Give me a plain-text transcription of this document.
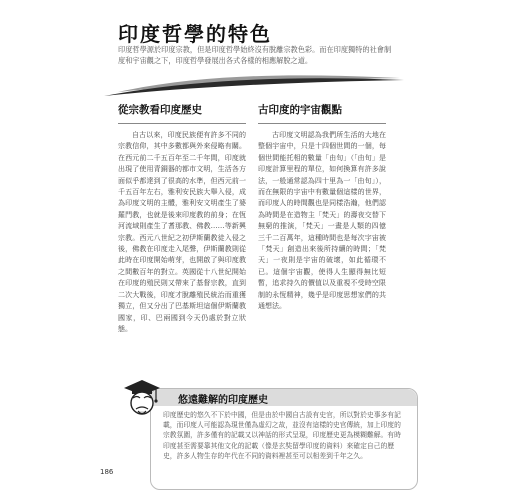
印度哲學的特色

印度哲學源於印度宗教，但是印度哲學始終沒有脫離宗教色彩。而在印度獨特的社會制度和宇宙觀之下，印度哲學發展出各式各樣的相應解脫之道。

從宗教看印度歷史

自古以來，印度民族便有許多不同的宗教信仰，其中多數都與外來侵略有關。在西元前二千五百年至二千年間，印度就出現了使用青銅器的都市文明，生活各方面似乎都達到了很高的水準，但西元前一千五百年左右，雅利安民族大舉入侵，成為印度文明的主體，雅利安文明產生了婆羅門教，也就是後來印度教的前身；在恆河流域則產生了耆那教、佛教……等新興宗教。西元八世紀之初伊斯蘭教徒入侵之後，佛教在印度走入尾聲，伊斯蘭教則從此時在印度開始萌芽，也開啟了與印度教之間數百年的對立。英國從十八世紀開始在印度的殖民則又帶來了基督宗教，直到二次大戰後，印度才脫離殖民統治而重獲獨立，但又分出了巴基斯坦這個伊斯蘭教國家，印、巴兩國到今天仍處於對立狀態。

古印度的宇宙觀點

古印度文明認為我們所生活的大地在整個宇宙中，只是十四個世間的一個，每個世間能托相的數量「由旬」（「由旬」是印度計算里程的單位，如何換算有許多說法，一般通常認為四十里為一「由旬」），而在無限的宇宙中有數量個這樣的世界，而印度人的時間觀也是同樣浩瀚，他們認為時間是在造物主「梵天」的壽夜交替下無窮的推演，「梵天」一晝是人類的四億三千二百萬年，這種時間也是每次宇宙被「梵天」創造出來後所持續的時間；「梵天」一夜則是宇宙的破壞，如此循環不已。這個宇宙觀，使得人生顯得無比短暫，追求持久的價值以及重視不受時空限制的永恆精神，幾乎是印度思想家們的共通想法。

悠遠難解的印度歷史

印度歷史的悠久不下於中國，但是由於中國自古設有史官，所以對於史事多有記載，而印度人可能認為現世僅為虛幻之故，並沒有這樣的史官傳統，加上印度的宗教氛圍，許多僅有的記載又以神話的形式呈現，印度歷史更為模糊難解。有時印度甚至需要靠其他文化的記載（像是玄奘留學印度的資料）來確定自己的歷史，許多人物生存的年代在不同的資料裡甚至可以相差到千年之久。

186
